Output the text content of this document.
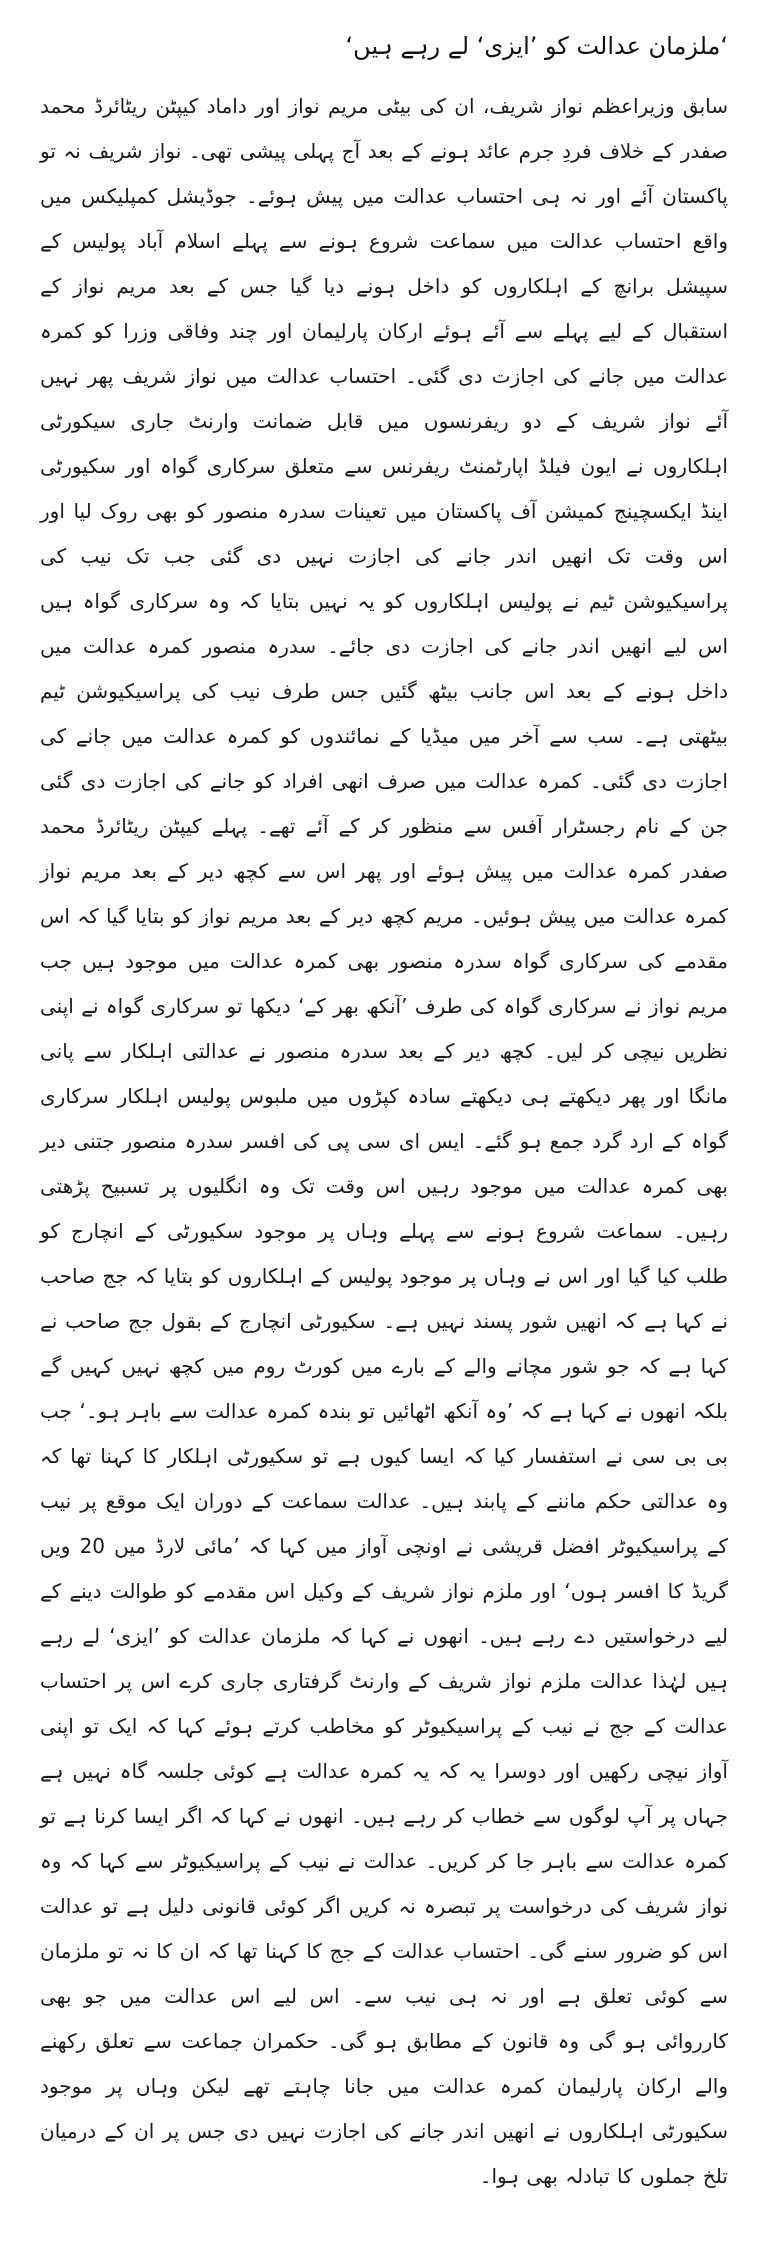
‘ملزمان عدالت کو ’ایزی‘ لے رہے ہیں‘

سابق وزیراعظم نواز شریف، ان کی بیٹی مریم نواز اور داماد کیپٹن ریٹائرڈ محمد صفدر کے خلاف فردِ جرم عائد ہونے کے بعد آج پہلی پیشی تھی۔ نواز شریف نہ تو پاکستان آئے اور نہ ہی احتساب عدالت میں پیش ہوئے۔ جوڈیشل کمپلیکس میں واقع احتساب عدالت میں سماعت شروع ہونے سے پہلے اسلام آباد پولیس کے سپیشل برانچ کے اہلکاروں کو داخل ہونے دیا گیا جس کے بعد مریم نواز کے استقبال کے لیے پہلے سے آئے ہوئے ارکان پارلیمان اور چند وفاقی وزرا کو کمرہ عدالت میں جانے کی اجازت دی گئی۔ احتساب عدالت میں نواز شریف پھر نہیں آئے نواز شریف کے دو ریفرنسوں میں قابل ضمانت وارنٹ جاری سیکورٹی اہلکاروں نے ایون فیلڈ اپارٹمنٹ ریفرنس سے متعلق سرکاری گواہ اور سکیورٹی اینڈ ایکسچینج کمیشن آف پاکستان میں تعینات سدرہ منصور کو بھی روک لیا اور اس وقت تک انھیں اندر جانے کی اجازت نہیں دی گئی جب تک نیب کی پراسیکیوشن ٹیم نے پولیس اہلکاروں کو یہ نہیں بتایا کہ وہ سرکاری گواہ ہیں اس لیے انھیں اندر جانے کی اجازت دی جائے۔ سدرہ منصور کمرہ عدالت میں داخل ہونے کے بعد اس جانب بیٹھ گئیں جس طرف نیب کی پراسیکیوشن ٹیم بیٹھتی ہے۔ سب سے آخر میں میڈیا کے نمائندوں کو کمرہ عدالت میں جانے کی اجازت دی گئی۔ کمرہ عدالت میں صرف انھی افراد کو جانے کی اجازت دی گئی جن کے نام رجسٹرار آفس سے منظور کر کے آئے تھے۔ پہلے کیپٹن ریٹائرڈ محمد صفدر کمرہ عدالت میں پیش ہوئے اور پھر اس سے کچھ دیر کے بعد مریم نواز کمرہ عدالت میں پیش ہوئیں۔ مریم کچھ دیر کے بعد مریم نواز کو بتایا گیا کہ اس مقدمے کی سرکاری گواہ سدرہ منصور بھی کمرہ عدالت میں موجود ہیں جب مریم نواز نے سرکاری گواہ کی طرف ’آنکھ بھر کے‘ دیکھا تو سرکاری گواہ نے اپنی نظریں نیچی کر لیں۔ کچھ دیر کے بعد سدرہ منصور نے عدالتی اہلکار سے پانی مانگا اور پھر دیکھتے ہی دیکھتے سادہ کپڑوں میں ملبوس پولیس اہلکار سرکاری گواہ کے ارد گرد جمع ہو گئے۔ ایس ای سی پی کی افسر سدرہ منصور جتنی دیر بھی کمرہ عدالت میں موجود رہیں اس وقت تک وہ انگلیوں پر تسبیح پڑھتی رہیں۔ سماعت شروع ہونے سے پہلے وہاں پر موجود سکیورٹی کے انچارج کو طلب کیا گیا اور اس نے وہاں پر موجود پولیس کے اہلکاروں کو بتایا کہ جج صاحب نے کہا ہے کہ انھیں شور پسند نہیں ہے۔ سکیورٹی انچارج کے بقول جج صاحب نے کہا ہے کہ جو شور مچانے والے کے بارے میں کورٹ روم میں کچھ نہیں کہیں گے بلکہ انھوں نے کہا ہے کہ ’وہ آنکھ اٹھائیں تو بندہ کمرہ عدالت سے باہر ہو۔‘ جب بی بی سی نے استفسار کیا کہ ایسا کیوں ہے تو سکیورٹی اہلکار کا کہنا تھا کہ وہ عدالتی حکم ماننے کے پابند ہیں۔ عدالت سماعت کے دوران ایک موقع پر نیب کے پراسیکیوٹر افضل قریشی نے اونچی آواز میں کہا کہ ’مائی لارڈ میں 20 ویں گریڈ کا افسر ہوں‘ اور ملزم نواز شریف کے وکیل اس مقدمے کو طوالت دینے کے لیے درخواستیں دے رہے ہیں۔ انھوں نے کہا کہ ملزمان عدالت کو ’ایزی‘ لے رہے ہیں لہٰذا عدالت ملزم نواز شریف کے وارنٹ گرفتاری جاری کرے اس پر احتساب عدالت کے جج نے نیب کے پراسیکیوٹر کو مخاطب کرتے ہوئے کہا کہ ایک تو اپنی آواز نیچی رکھیں اور دوسرا یہ کہ یہ کمرہ عدالت ہے کوئی جلسہ گاہ نہیں ہے جہاں پر آپ لوگوں سے خطاب کر رہے ہیں۔ انھوں نے کہا کہ اگر ایسا کرنا ہے تو کمرہ عدالت سے باہر جا کر کریں۔ عدالت نے نیب کے پراسیکیوٹر سے کہا کہ وہ نواز شریف کی درخواست پر تبصرہ نہ کریں اگر کوئی قانونی دلیل ہے تو عدالت اس کو ضرور سنے گی۔ احتساب عدالت کے جج کا کہنا تھا کہ ان کا نہ تو ملزمان سے کوئی تعلق ہے اور نہ ہی نیب سے۔ اس لیے اس عدالت میں جو بھی کارروائی ہو گی وہ قانون کے مطابق ہو گی۔ حکمران جماعت سے تعلق رکھنے والے ارکان پارلیمان کمرہ عدالت میں جانا چاہتے تھے لیکن وہاں پر موجود سکیورٹی اہلکاروں نے انھیں اندر جانے کی اجازت نہیں دی جس پر ان کے درمیان تلخ جملوں کا تبادلہ بھی ہوا۔
